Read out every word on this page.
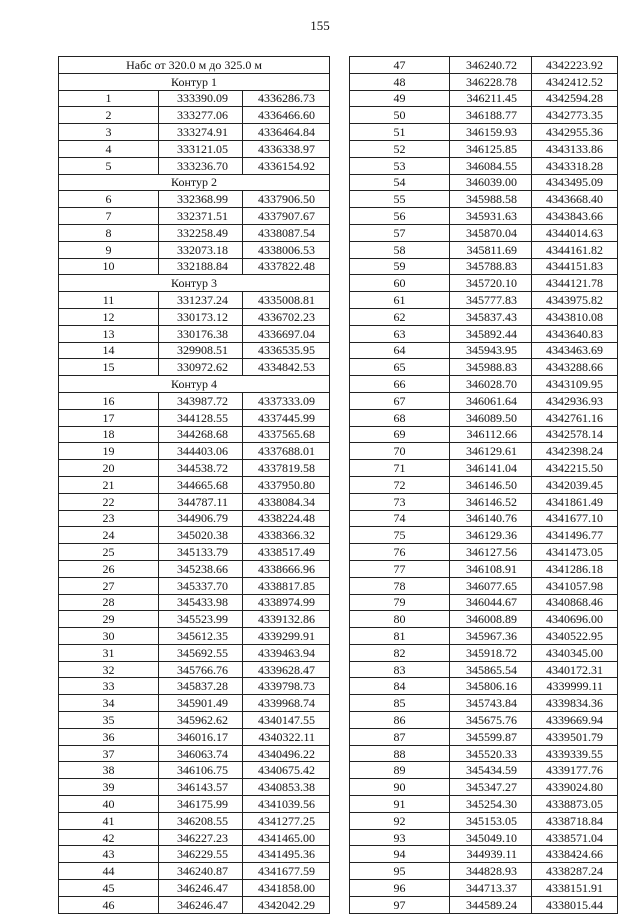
155
Набс от 320.0 м до 325.0 м		
Контур 1		
1	333390.09	4336286.73
2	333277.06	4336466.60
3	333274.91	4336464.84
4	333121.05	4336338.97
5	333236.70	4336154.92
Контур 2		
6	332368.99	4337906.50
7	332371.51	4337907.67
8	332258.49	4338087.54
9	332073.18	4338006.53
10	332188.84	4337822.48
Контур 3		
11	331237.24	4335008.81
12	330173.12	4336702.23
13	330176.38	4336697.04
14	329908.51	4336535.95
15	330972.62	4334842.53
Контур 4		
16	343987.72	4337333.09
17	344128.55	4337445.99
18	344268.68	4337565.68
19	344403.06	4337688.01
20	344538.72	4337819.58
21	344665.68	4337950.80
22	344787.11	4338084.34
23	344906.79	4338224.48
24	345020.38	4338366.32
25	345133.79	4338517.49
26	345238.66	4338666.96
27	345337.70	4338817.85
28	345433.98	4338974.99
29	345523.99	4339132.86
30	345612.35	4339299.91
31	345692.55	4339463.94
32	345766.76	4339628.47
33	345837.28	4339798.73
34	345901.49	4339968.74
35	345962.62	4340147.55
36	346016.17	4340322.11
37	346063.74	4340496.22
38	346106.75	4340675.42
39	346143.57	4340853.38
40	346175.99	4341039.56
41	346208.55	4341277.25
42	346227.23	4341465.00
43	346229.55	4341495.36
44	346240.87	4341677.59
45	346246.47	4341858.00
46	346246.47	4342042.29
47	346240.72	4342223.92
48	346228.78	4342412.52
49	346211.45	4342594.28
50	346188.77	4342773.35
51	346159.93	4342955.36
52	346125.85	4343133.86
53	346084.55	4343318.28
54	346039.00	4343495.09
55	345988.58	4343668.40
56	345931.63	4343843.66
57	345870.04	4344014.63
58	345811.69	4344161.82
59	345788.83	4344151.83
60	345720.10	4344121.78
61	345777.83	4343975.82
62	345837.43	4343810.08
63	345892.44	4343640.83
64	345943.95	4343463.69
65	345988.83	4343288.66
66	346028.70	4343109.95
67	346061.64	4342936.93
68	346089.50	4342761.16
69	346112.66	4342578.14
70	346129.61	4342398.24
71	346141.04	4342215.50
72	346146.50	4342039.45
73	346146.52	4341861.49
74	346140.76	4341677.10
75	346129.36	4341496.77
76	346127.56	4341473.05
77	346108.91	4341286.18
78	346077.65	4341057.98
79	346044.67	4340868.46
80	346008.89	4340696.00
81	345967.36	4340522.95
82	345918.72	4340345.00
83	345865.54	4340172.31
84	345806.16	4339999.11
85	345743.84	4339834.36
86	345675.76	4339669.94
87	345599.87	4339501.79
88	345520.33	4339339.55
89	345434.59	4339177.76
90	345347.27	4339024.80
91	345254.30	4338873.05
92	345153.05	4338718.84
93	345049.10	4338571.04
94	344939.11	4338424.66
95	344828.93	4338287.24
96	344713.37	4338151.91
97	344589.24	4338015.44
